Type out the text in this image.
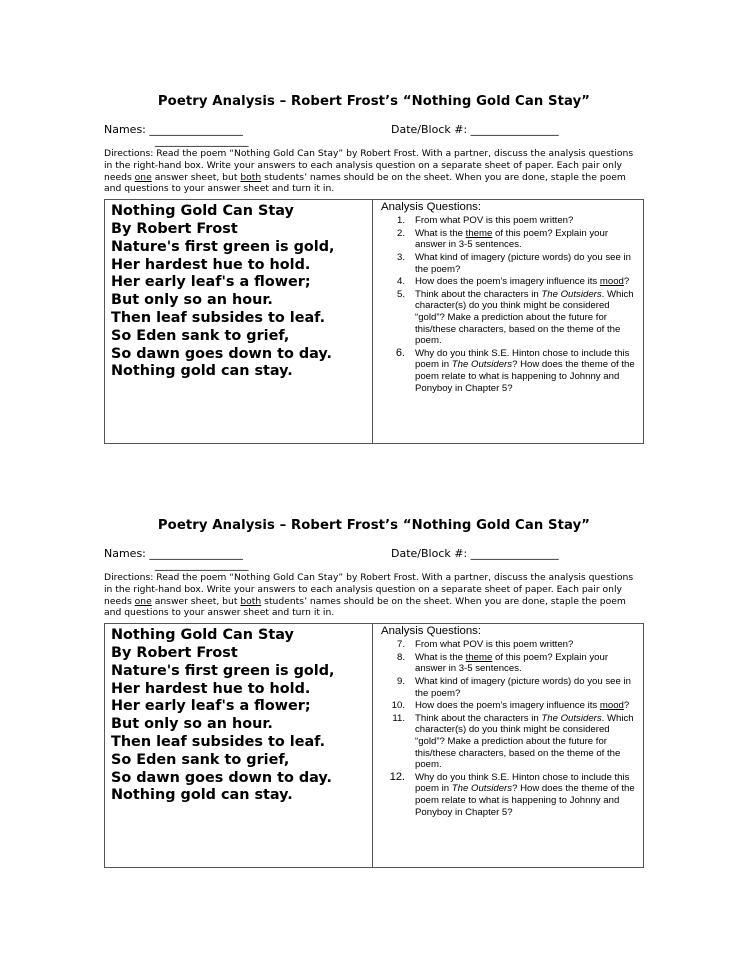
Poetry Analysis – Robert Frost’s “Nothing Gold Can Stay”
Names: _________________
_________________
Date/Block #: ________________
Directions: Read the poem “Nothing Gold Can Stay” by Robert Frost. With a partner, discuss the analysis questions in the right-hand box. Write your answers to each analysis question on a separate sheet of paper. Each pair only needs one answer sheet, but both students’ names should be on the sheet. When you are done, staple the poem and questions to your answer sheet and turn it in.
Nothing Gold Can Stay
By Robert Frost
Nature's first green is gold,
Her hardest hue to hold.
Her early leaf's a flower;
But only so an hour.
Then leaf subsides to leaf.
So Eden sank to grief,
So dawn goes down to day.
Nothing gold can stay.
Analysis Questions:
1.	From what POV is this poem written?
2.	What is the theme of this poem? Explain your answer in 3-5 sentences.
3.	What kind of imagery (picture words) do you see in the poem?
4.	How does the poem’s imagery influence its mood?
5.	Think about the characters in The Outsiders. Which character(s) do you think might be considered “gold”? Make a prediction about the future for this/these characters, based on the theme of the poem.
6.	Why do you think S.E. Hinton chose to include this poem in The Outsiders? How does the theme of the poem relate to what is happening to Johnny and Ponyboy in Chapter 5?
Poetry Analysis – Robert Frost’s “Nothing Gold Can Stay”
Names: _________________
_________________
Date/Block #: ________________
Directions: Read the poem “Nothing Gold Can Stay” by Robert Frost. With a partner, discuss the analysis questions in the right-hand box. Write your answers to each analysis question on a separate sheet of paper. Each pair only needs one answer sheet, but both students’ names should be on the sheet. When you are done, staple the poem and questions to your answer sheet and turn it in.
Nothing Gold Can Stay
By Robert Frost
Nature's first green is gold,
Her hardest hue to hold.
Her early leaf's a flower;
But only so an hour.
Then leaf subsides to leaf.
So Eden sank to grief,
So dawn goes down to day.
Nothing gold can stay.
Analysis Questions:
7.	From what POV is this poem written?
8.	What is the theme of this poem? Explain your answer in 3-5 sentences.
9.	What kind of imagery (picture words) do you see in the poem?
10.	How does the poem’s imagery influence its mood?
11.	Think about the characters in The Outsiders. Which character(s) do you think might be considered “gold”? Make a prediction about the future for this/these characters, based on the theme of the poem.
12.	Why do you think S.E. Hinton chose to include this poem in The Outsiders? How does the theme of the poem relate to what is happening to Johnny and Ponyboy in Chapter 5?
